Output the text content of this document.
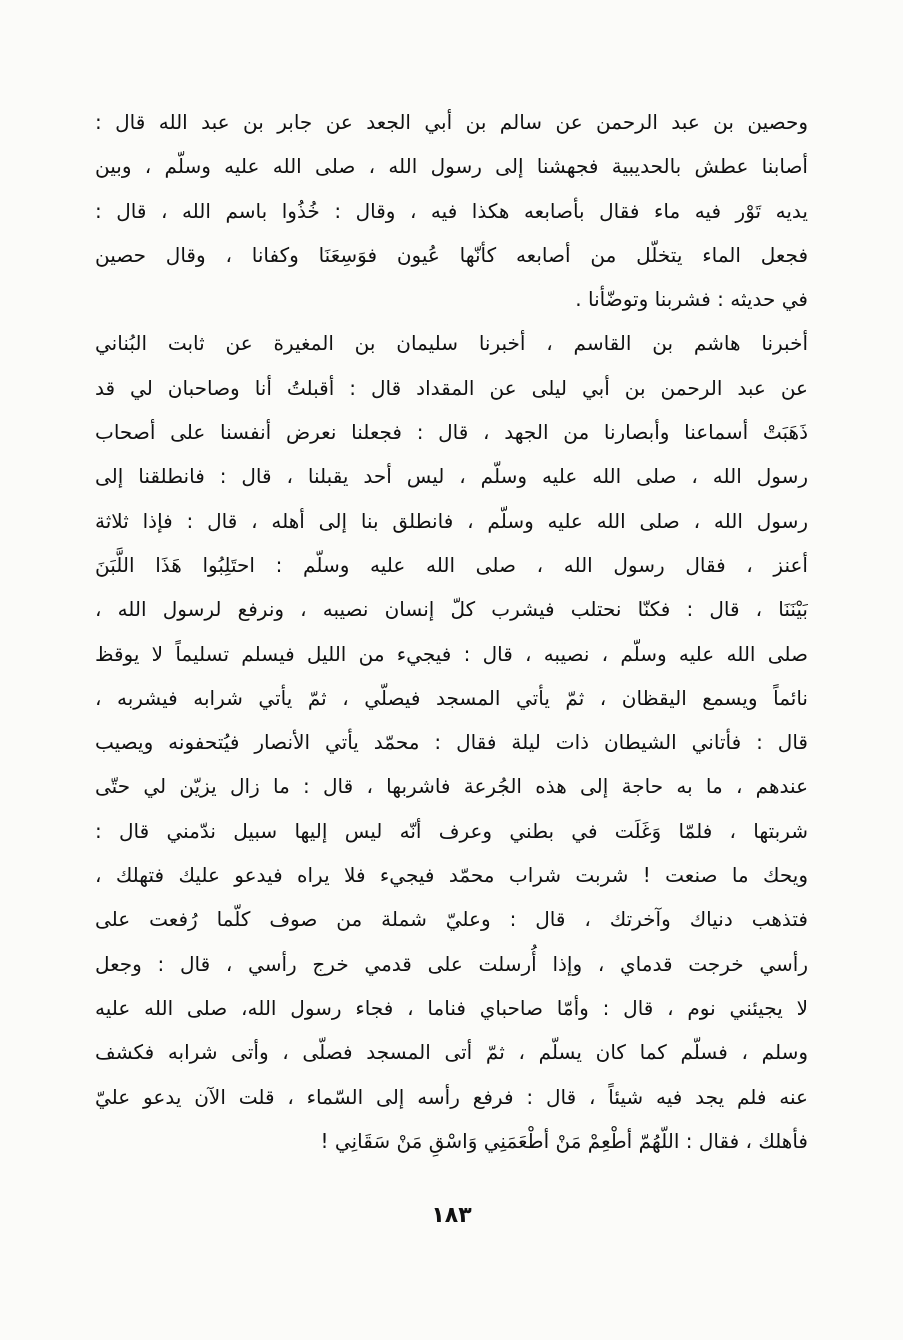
وحصين بن عبد الرحمن عن سالم بن أبي الجعد عن جابر بن عبد الله قال :
أصابنا عطش بالحديبية فجهشنا إلى رسول الله ، صلى الله عليه وسلّم ، وبين
يديه تَوْر فيه ماء فقال بأصابعه هكذا فيه ، وقال : خُذُوا باسم الله ، قال :
فجعل الماء يتخلّل من أصابعه كأنّها عُيون فوَسِعَنَا وكفانا ، وقال حصين
في حديثه : فشربنا وتوضّأنا .
أخبرنا هاشم بن القاسم ، أخبرنا سليمان بن المغيرة عن ثابت البُناني
عن عبد الرحمن بن أبي ليلى عن المقداد قال : أقبلتُ أنا وصاحبان لي قد
ذَهَبَتْ أسماعنا وأبصارنا من الجهد ، قال : فجعلنا نعرض أنفسنا على أصحاب
رسول الله ، صلى الله عليه وسلّم ، ليس أحد يقبلنا ، قال : فانطلقنا إلى
رسول الله ، صلى الله عليه وسلّم ، فانطلق بنا إلى أهله ، قال : فإذا ثلاثة
أعنز ، فقال رسول الله ، صلى الله عليه وسلّم : احتَلِبُوا هَذَا اللَّبَنَ
بَيْنَنَا ، قال : فكنّا نحتلب فيشرب كلّ إنسان نصيبه ، ونرفع لرسول الله ،
صلى الله عليه وسلّم ، نصيبه ، قال : فيجيء من الليل فيسلم تسليماً لا يوقظ
نائماً ويسمع اليقظان ، ثمّ يأتي المسجد فيصلّي ، ثمّ يأتي شرابه فيشربه ،
قال : فأتاني الشيطان ذات ليلة فقال : محمّد يأتي الأنصار فيُتحفونه ويصيب
عندهم ، ما به حاجة إلى هذه الجُرعة فاشربها ، قال : ما زال يزيّن لي حتّى
شربتها ، فلمّا وَغَلَت في بطني وعرف أنّه ليس إليها سبيل ندّمني قال :
ويحك ما صنعت ! شربت شراب محمّد فيجيء فلا يراه فيدعو عليك فتهلك ،
فتذهب دنياك وآخرتك ، قال : وعليّ شملة من صوف كلّما رُفعت على
رأسي خرجت قدماي ، وإذا أُرسلت على قدمي خرج رأسي ، قال : وجعل
لا يجيئني نوم ، قال : وأمّا صاحباي فناما ، فجاء رسول الله، صلى الله عليه
وسلم ، فسلّم كما كان يسلّم ، ثمّ أتى المسجد فصلّى ، وأتى شرابه فكشف
عنه فلم يجد فيه شيئاً ، قال : فرفع رأسه إلى السّماء ، قلت الآن يدعو عليّ
فأهلك ، فقال : اللّهُمّ أطْعِمْ مَنْ أطْعَمَنِي وَاسْقِ مَنْ سَقَانِي !
١٨٣
